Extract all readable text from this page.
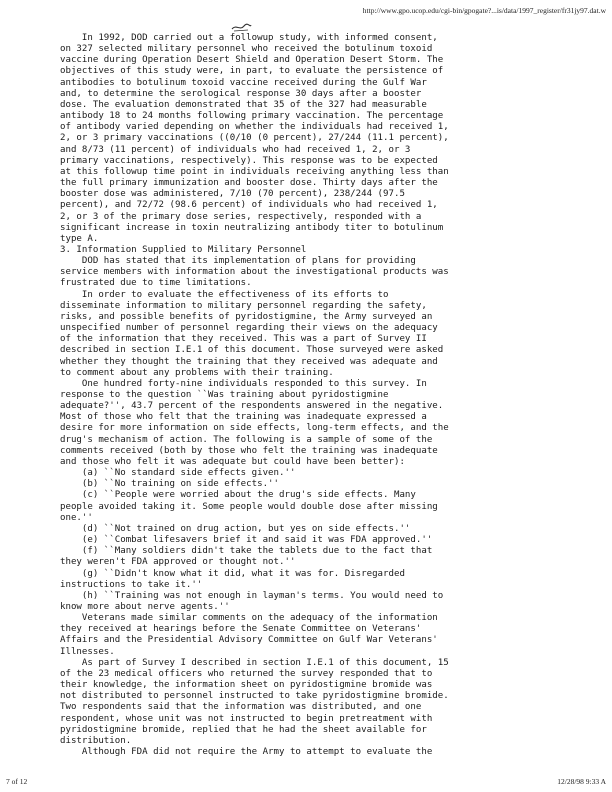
http://www.gpo.ucop.edu/cgi-bin/gpogate?...is/data/1997_register/fr31jy97.dat.w
In 1992, DOD carried out a followup study, with informed consent,
on 327 selected military personnel who received the botulinum toxoid
vaccine during Operation Desert Shield and Operation Desert Storm. The
objectives of this study were, in part, to evaluate the persistence of
antibodies to botulinum toxoid vaccine received during the Gulf War
and, to determine the serological response 30 days after a booster
dose. The evaluation demonstrated that 35 of the 327 had measurable
antibody 18 to 24 months following primary vaccination. The percentage
of antibody varied depending on whether the individuals had received 1,
2, or 3 primary vaccinations ((0/10 (0 percent), 27/244 (11.1 percent),
and 8/73 (11 percent) of individuals who had received 1, 2, or 3
primary vaccinations, respectively). This response was to be expected
at this followup time point in individuals receiving anything less than
the full primary immunization and booster dose. Thirty days after the
booster dose was administered, 7/10 (70 percent), 238/244 (97.5
percent), and 72/72 (98.6 percent) of individuals who had received 1,
2, or 3 of the primary dose series, respectively, responded with a
significant increase in toxin neutralizing antibody titer to botulinum
type A.
3. Information Supplied to Military Personnel
DOD has stated that its implementation of plans for providing
service members with information about the investigational products was
frustrated due to time limitations.
In order to evaluate the effectiveness of its efforts to
disseminate information to military personnel regarding the safety,
risks, and possible benefits of pyridostigmine, the Army surveyed an
unspecified number of personnel regarding their views on the adequacy
of the information that they received. This was a part of Survey II
described in section I.E.1 of this document. Those surveyed were asked
whether they thought the training that they received was adequate and
to comment about any problems with their training.
One hundred forty-nine individuals responded to this survey. In
response to the question ``Was training about pyridostigmine
adequate?'', 43.7 percent of the respondents answered in the negative.
Most of those who felt that the training was inadequate expressed a
desire for more information on side effects, long-term effects, and the
drug's mechanism of action. The following is a sample of some of the
comments received (both by those who felt the training was inadequate
and those who felt it was adequate but could have been better):
(a) ``No standard side effects given.''
(b) ``No training on side effects.''
(c) ``People were worried about the drug's side effects. Many
people avoided taking it. Some people would double dose after missing
one.''
(d) ``Not trained on drug action, but yes on side effects.''
(e) ``Combat lifesavers brief it and said it was FDA approved.''
(f) ``Many soldiers didn't take the tablets due to the fact that
they weren't FDA approved or thought not.''
(g) ``Didn't know what it did, what it was for. Disregarded
instructions to take it.''
(h) ``Training was not enough in layman's terms. You would need to
know more about nerve agents.''
Veterans made similar comments on the adequacy of the information
they received at hearings before the Senate Committee on Veterans'
Affairs and the Presidential Advisory Committee on Gulf War Veterans'
Illnesses.
As part of Survey I described in section I.E.1 of this document, 15
of the 23 medical officers who returned the survey responded that to
their knowledge, the information sheet on pyridostigmine bromide was
not distributed to personnel instructed to take pyridostigmine bromide.
Two respondents said that the information was distributed, and one
respondent, whose unit was not instructed to begin pretreatment with
pyridostigmine bromide, replied that he had the sheet available for
distribution.
Although FDA did not require the Army to attempt to evaluate the
7 of 12	12/28/98 9:33 A
